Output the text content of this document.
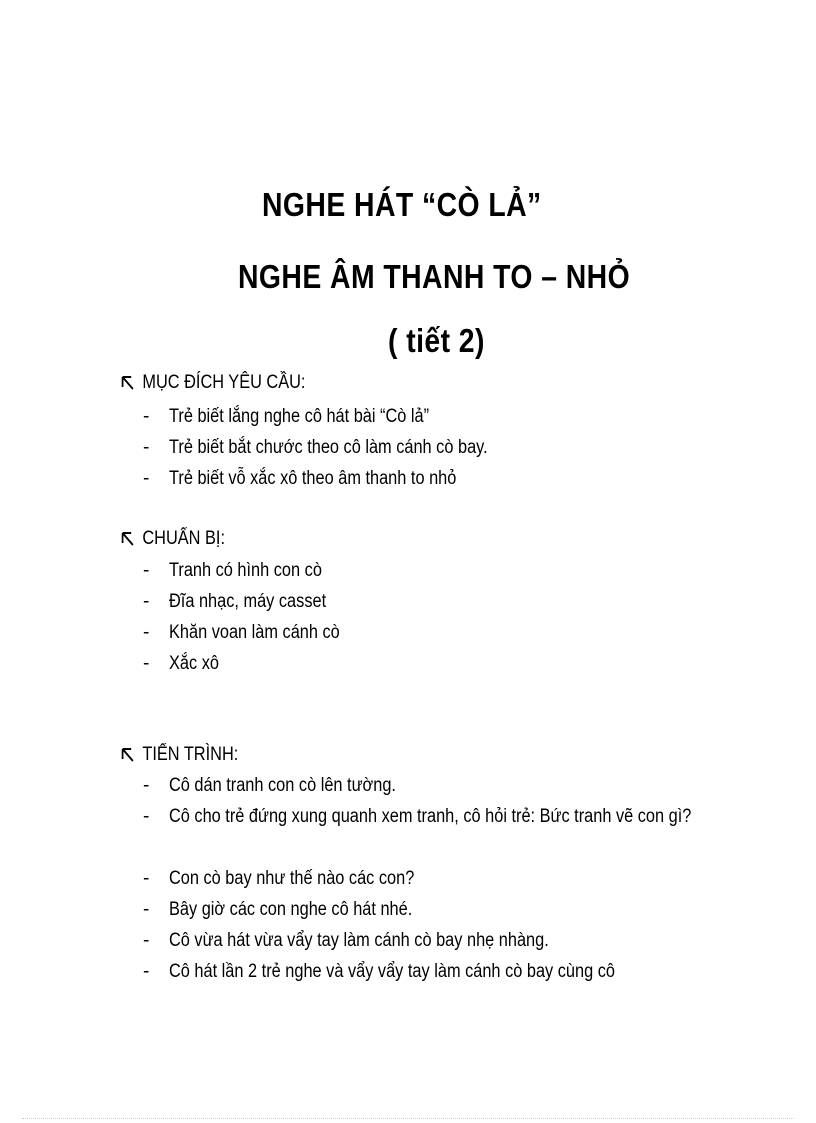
NGHE HÁT “CÒ LẢ”
NGHE ÂM THANH TO – NHỎ
( tiết 2)
MỤC ĐÍCH YÊU CẦU:
-	Trẻ biết lắng nghe cô hát bài “Cò lả”
-	Trẻ biết bắt chước theo cô làm cánh cò bay.
-	Trẻ biết vỗ xắc xô theo âm thanh to nhỏ
CHUẨN BỊ:
-	Tranh có hình con cò
-	Đĩa nhạc, máy casset
-	Khăn voan làm cánh cò
-	Xắc xô
TIẾN TRÌNH:
-	Cô dán tranh con cò lên tường.
-	Cô cho trẻ đứng xung quanh xem tranh, cô hỏi trẻ: Bức tranh vẽ con gì?
-	Con cò bay như thế nào các con?
-	Bây giờ các con nghe cô hát nhé.
-	Cô vừa hát vừa vẩy tay làm cánh cò bay nhẹ nhàng.
-	Cô hát lần 2 trẻ nghe và vẩy vẩy tay làm cánh cò bay cùng cô
